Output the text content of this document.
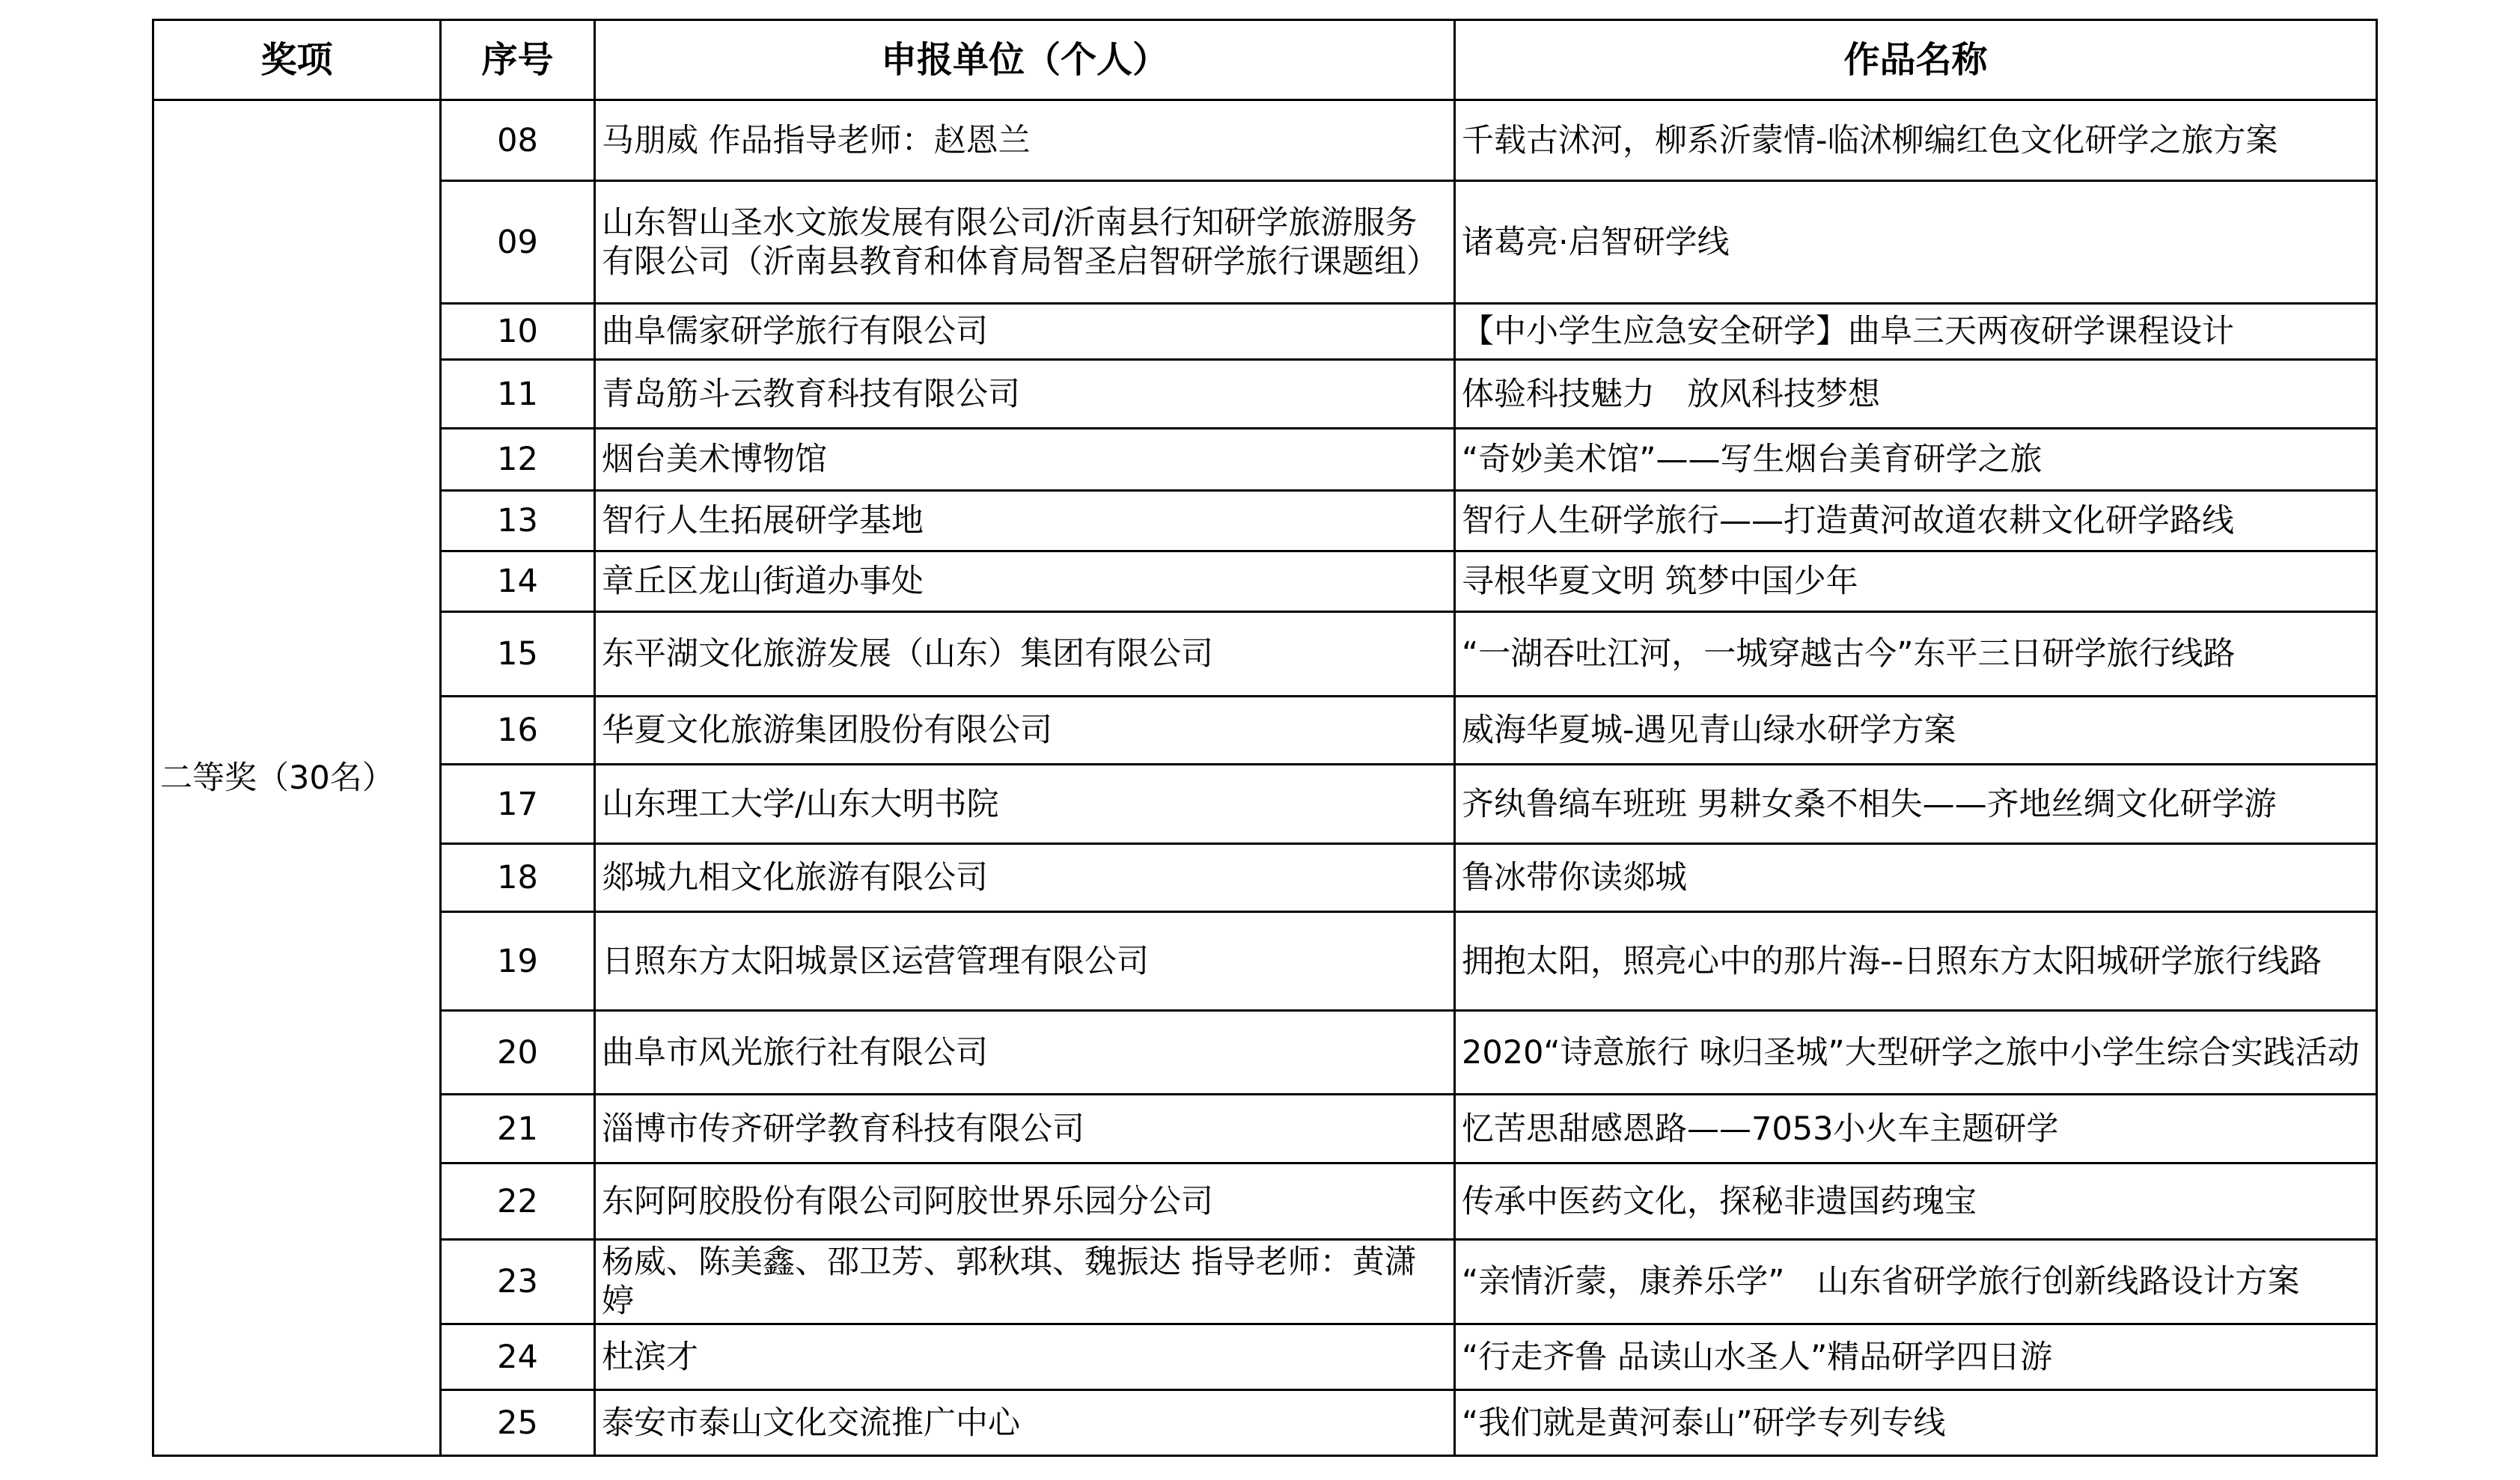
奖项	序号	申报单位（个人）	作品名称
二等奖（30名）	08	马朋威 作品指导老师：赵恩兰	千载古沭河，柳系沂蒙情-临沭柳编红色文化研学之旅方案

	09	山东智山圣水文旅发展有限公司/沂南县行知研学旅游服务有限公司（沂南县教育和体育局智圣启智研学旅行课题组）	诸葛亮·启智研学线

	10	曲阜儒家研学旅行有限公司	【中小学生应急安全研学】曲阜三天两夜研学课程设计

	11	青岛筋斗云教育科技有限公司	体验科技魅力　放风科技梦想

	12	烟台美术博物馆	“奇妙美术馆”——写生烟台美育研学之旅

	13	智行人生拓展研学基地	智行人生研学旅行——打造黄河故道农耕文化研学路线

	14	章丘区龙山街道办事处	寻根华夏文明 筑梦中国少年

	15	东平湖文化旅游发展（山东）集团有限公司	“一湖吞吐江河，一城穿越古今”东平三日研学旅行线路

	16	华夏文化旅游集团股份有限公司	威海华夏城-遇见青山绿水研学方案

	17	山东理工大学/山东大明书院	齐纨鲁缟车班班 男耕女桑不相失——齐地丝绸文化研学游

	18	郯城九相文化旅游有限公司	鲁冰带你读郯城

	19	日照东方太阳城景区运营管理有限公司	拥抱太阳，照亮心中的那片海--日照东方太阳城研学旅行线路

	20	曲阜市风光旅行社有限公司	2020“诗意旅行 咏归圣城”大型研学之旅中小学生综合实践活动

	21	淄博市传齐研学教育科技有限公司	忆苦思甜感恩路——7053小火车主题研学

	22	东阿阿胶股份有限公司阿胶世界乐园分公司	传承中医药文化，探秘非遗国药瑰宝

	23	杨威、陈美鑫、邵卫芳、郭秋琪、魏振达 指导老师：黄潇婷	“亲情沂蒙，康养乐学”　山东省研学旅行创新线路设计方案

	24	杜滨才	“行走齐鲁 品读山水圣人”精品研学四日游

	25	泰安市泰山文化交流推广中心	“我们就是黄河泰山”研学专列专线
